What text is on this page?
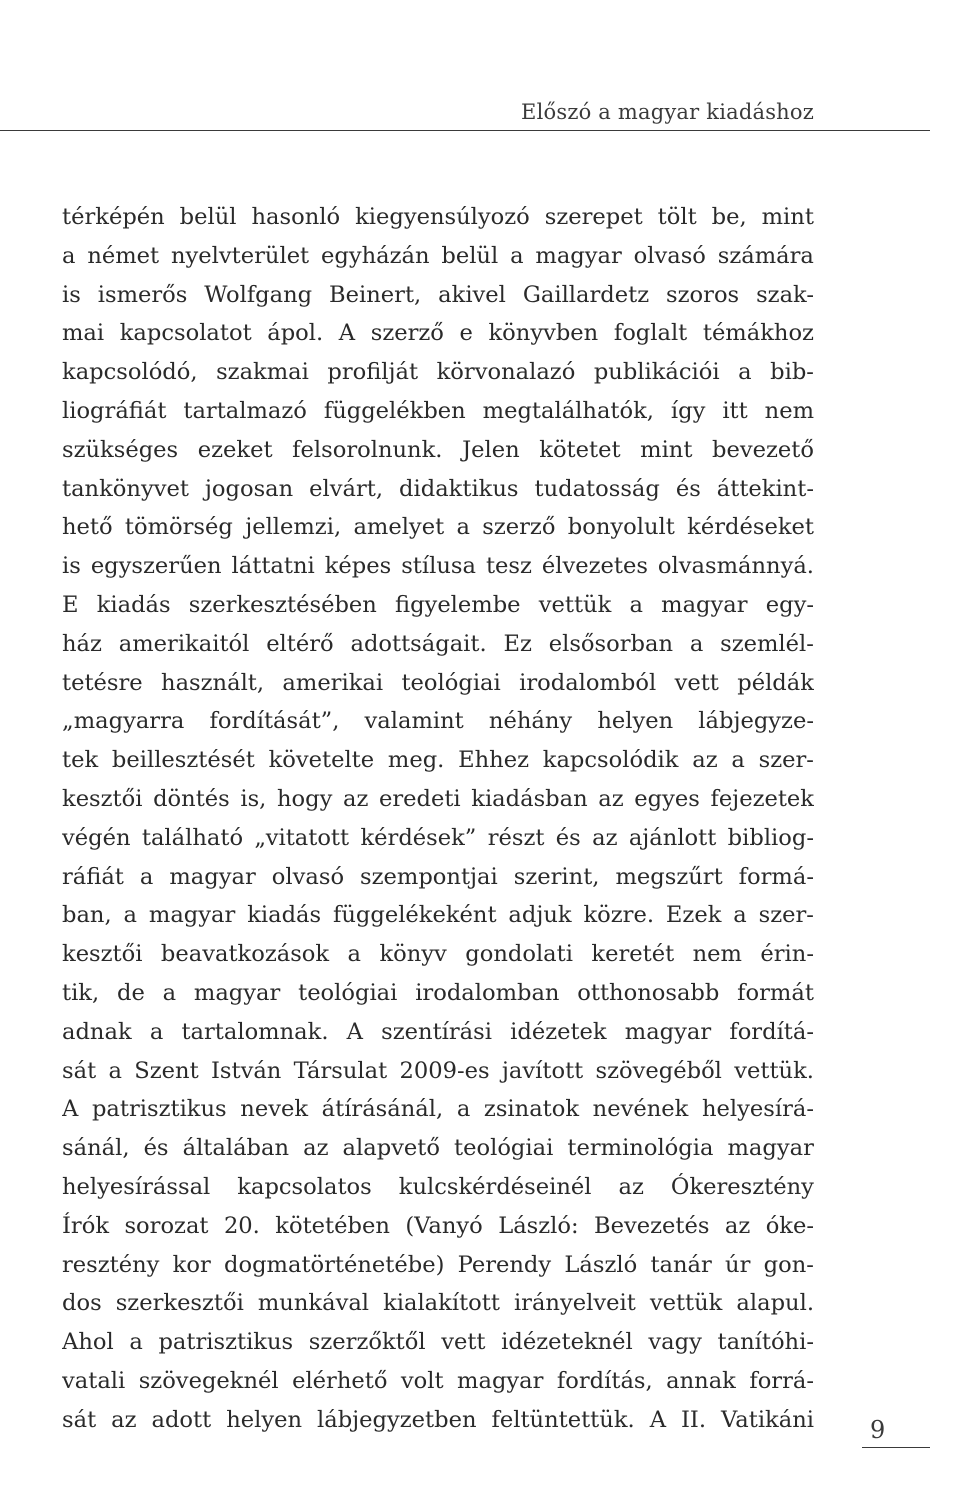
Előszó a magyar kiadáshoz
térképén belül hasonló kiegyensúlyozó szerepet tölt be, mint
a német nyelvterület egyházán belül a magyar olvasó számára
is ismerős Wolfgang Beinert, akivel Gaillardetz szoros szak-
mai kapcsolatot ápol. A szerző e könyvben foglalt témákhoz
kapcsolódó, szakmai profilját körvonalazó publikációi a bib-
liográfiát tartalmazó függelékben megtalálhatók, így itt nem
szükséges ezeket felsorolnunk. Jelen kötetet mint bevezető
tankönyvet jogosan elvárt, didaktikus tudatosság és áttekint-
hető tömörség jellemzi, amelyet a szerző bonyolult kérdéseket
is egyszerűen láttatni képes stílusa tesz élvezetes olvasmánnyá.
E kiadás szerkesztésében figyelembe vettük a magyar egy-
ház amerikaitól eltérő adottságait. Ez elsősorban a szemlél-
tetésre használt, amerikai teológiai irodalomból vett példák
„magyarra fordítását”, valamint néhány helyen lábjegyze-
tek beillesztését követelte meg. Ehhez kapcsolódik az a szer-
kesztői döntés is, hogy az eredeti kiadásban az egyes fejezetek
végén található „vitatott kérdések” részt és az ajánlott bibliog-
ráfiát a magyar olvasó szempontjai szerint, megszűrt formá-
ban, a magyar kiadás függelékeként adjuk közre. Ezek a szer-
kesztői beavatkozások a könyv gondolati keretét nem érin-
tik, de a magyar teológiai irodalomban otthonosabb formát
adnak a tartalomnak. A szentírási idézetek magyar fordítá-
sát a Szent István Társulat 2009-es javított szövegéből vettük.
A patrisztikus nevek átírásánál, a zsinatok nevének helyesírá-
sánál, és általában az alapvető teológiai terminológia magyar
helyesírással kapcsolatos kulcskérdéseinél az Ókeresztény
Írók sorozat 20. kötetében (Vanyó László: Bevezetés az óke-
resztény kor dogmatörténetébe) Perendy László tanár úr gon-
dos szerkesztői munkával kialakított irányelveit vettük alapul.
Ahol a patrisztikus szerzőktől vett idézeteknél vagy tanítóhi-
vatali szövegeknél elérhető volt magyar fordítás, annak forrá-
sát az adott helyen lábjegyzetben feltüntettük. A II. Vatikáni 9
